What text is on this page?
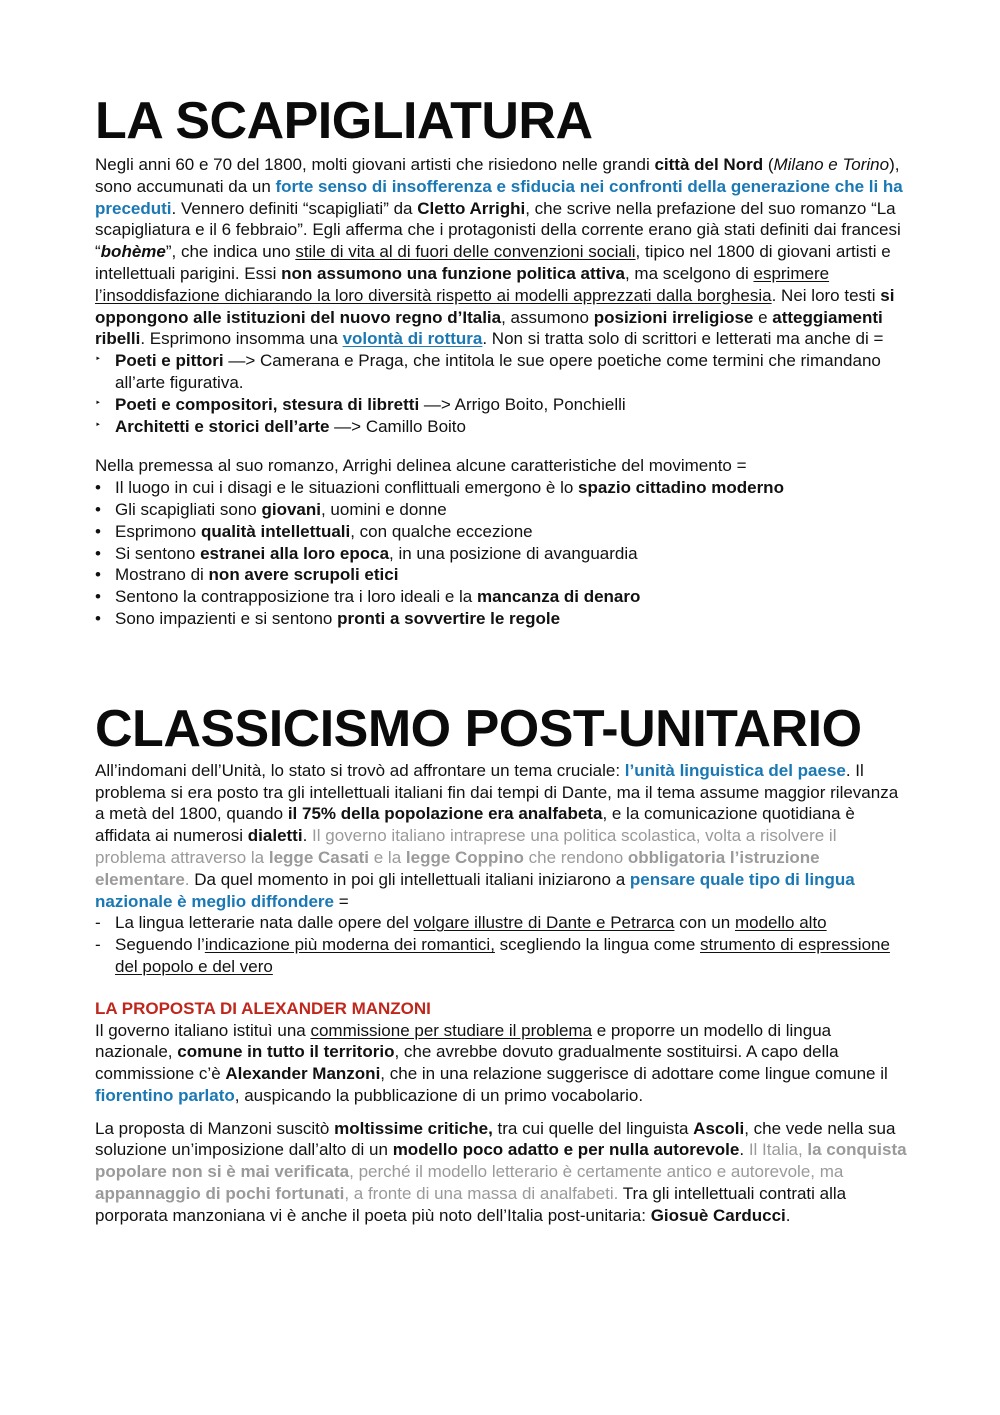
LA SCAPIGLIATURA

Negli anni 60 e 70 del 1800, molti giovani artisti che risiedono nelle grandi città del Nord (Milano e Torino), sono accumunati da un forte senso di insofferenza e sfiducia nei confronti della generazione che li ha preceduti. Vennero definiti “scapigliati” da Cletto Arrighi, che scrive nella prefazione del suo romanzo “La scapigliatura e il 6 febbraio”. Egli afferma che i protagonisti della corrente erano già stati definiti dai francesi “bohème”, che indica uno stile di vita al di fuori delle convenzioni sociali, tipico nel 1800 di giovani artisti e intellettuali parigini. Essi non assumono una funzione politica attiva, ma scelgono di esprimere l’insoddisfazione dichiarando la loro diversità rispetto ai modelli apprezzati dalla borghesia. Nei loro testi si oppongono alle istituzioni del nuovo regno d’Italia, assumono posizioni irreligiose e atteggiamenti ribelli. Esprimono insomma una volontà di rottura. Non si tratta solo di scrittori e letterati ma anche di =

‣ Poeti e pittori —> Camerana e Praga, che intitola le sue opere poetiche come termini che rimandano all’arte figurativa.
‣ Poeti e compositori, stesura di libretti —> Arrigo Boito, Ponchielli
‣ Architetti e storici dell’arte —> Camillo Boito

Nella premessa al suo romanzo, Arrighi delinea alcune caratteristiche del movimento =

• Il luogo in cui i disagi e le situazioni conflittuali emergono è lo spazio cittadino moderno
• Gli scapigliati sono giovani, uomini e donne
• Esprimono qualità intellettuali, con qualche eccezione
• Si sentono estranei alla loro epoca, in una posizione di avanguardia
• Mostrano di non avere scrupoli etici
• Sentono la contrapposizione tra i loro ideali e la mancanza di denaro
• Sono impazienti e si sentono pronti a sovvertire le regole
CLASSICISMO POST-UNITARIO

All’indomani dell’Unità, lo stato si trovò ad affrontare un tema cruciale: l’unità linguistica del paese. Il problema si era posto tra gli intellettuali italiani fin dai tempi di Dante, ma il tema assume maggior rilevanza a metà del 1800, quando il 75% della popolazione era analfabeta, e la comunicazione quotidiana è affidata ai numerosi dialetti. Il governo italiano intraprese una politica scolastica, volta a risolvere il problema attraverso la legge Casati e la legge Coppino che rendono obbligatoria l’istruzione elementare. Da quel momento in poi gli intellettuali italiani iniziarono a pensare quale tipo di lingua nazionale è meglio diffondere =

- La lingua letterarie nata dalle opere del volgare illustre di Dante e Petrarca con un modello alto
- Seguendo l’indicazione più moderna dei romantici, scegliendo la lingua come strumento di espressione del popolo e del vero
LA PROPOSTA DI ALEXANDER MANZONI

Il governo italiano istituì una commissione per studiare il problema e proporre un modello di lingua nazionale, comune in tutto il territorio, che avrebbe dovuto gradualmente sostituirsi. A capo della commissione c’è Alexander Manzoni, che in una relazione suggerisce di adottare come lingue comune il fiorentino parlato, auspicando la pubblicazione di un primo vocabolario.

La proposta di Manzoni suscitò moltissime critiche, tra cui quelle del linguista Ascoli, che vede nella sua soluzione un’imposizione dall’alto di un modello poco adatto e per nulla autorevole. Il Italia, la conquista popolare non si è mai verificata, perché il modello letterario è certamente antico e autorevole, ma appannaggio di pochi fortunati, a fronte di una massa di analfabeti. Tra gli intellettuali contrati alla porporata manzoniana vi è anche il poeta più noto dell’Italia post-unitaria: Giosuè Carducci.
